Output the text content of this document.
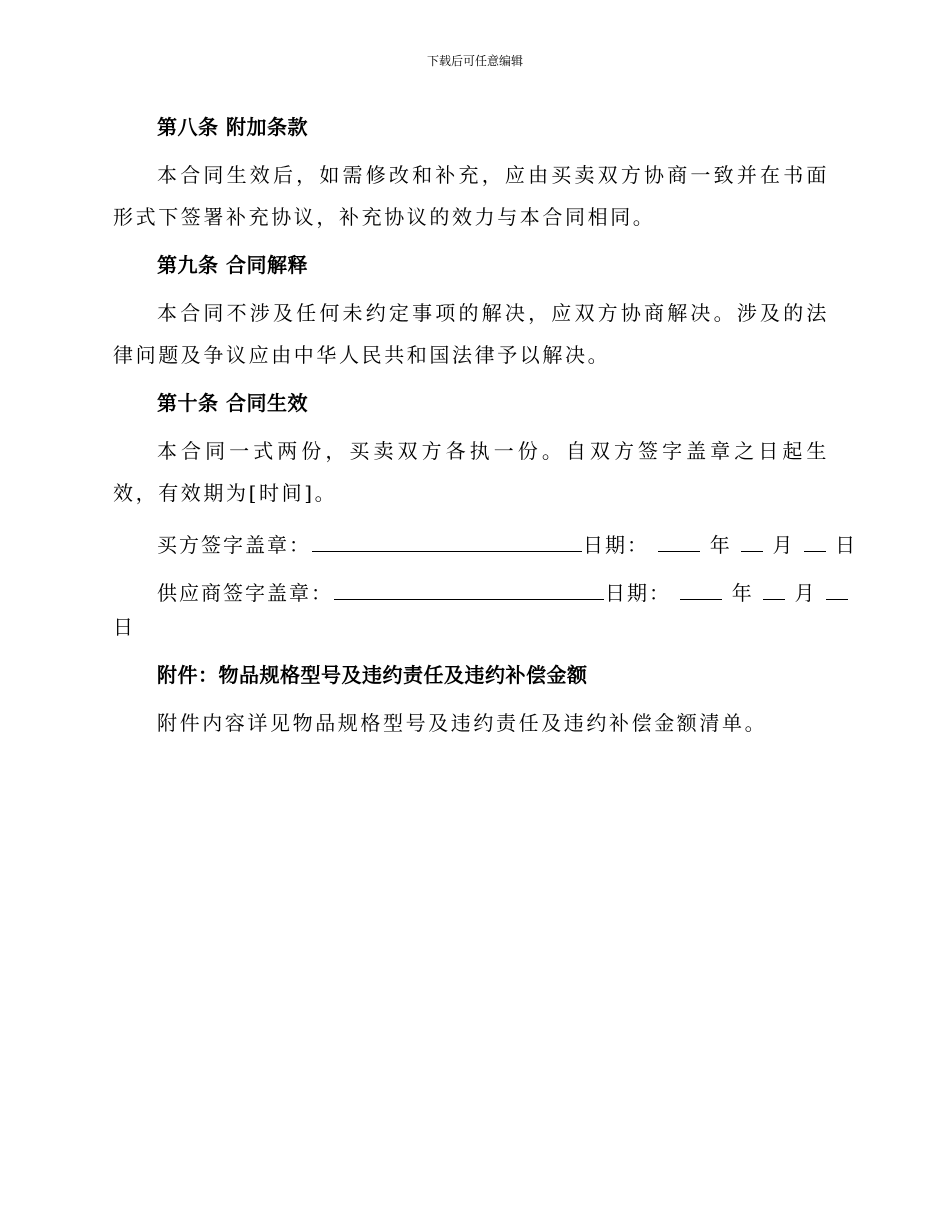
下载后可任意编辑
第八条 附加条款
本合同生效后，如需修改和补充，应由买卖双方协商一致并在书面形式下签署补充协议，补充协议的效力与本合同相同。
第九条 合同解释
本合同不涉及任何未约定事项的解决，应双方协商解决。涉及的法律问题及争议应由中华人民共和国法律予以解决。
第十条 合同生效
本合同一式两份，买卖双方各执一份。自双方签字盖章之日起生效，有效期为[时间]。
买方签字盖章：	日期：	年 月 日
供应商签字盖章：	日期：	年 月
日
附件：物品规格型号及违约责任及违约补偿金额
附件内容详见物品规格型号及违约责任及违约补偿金额清单。
